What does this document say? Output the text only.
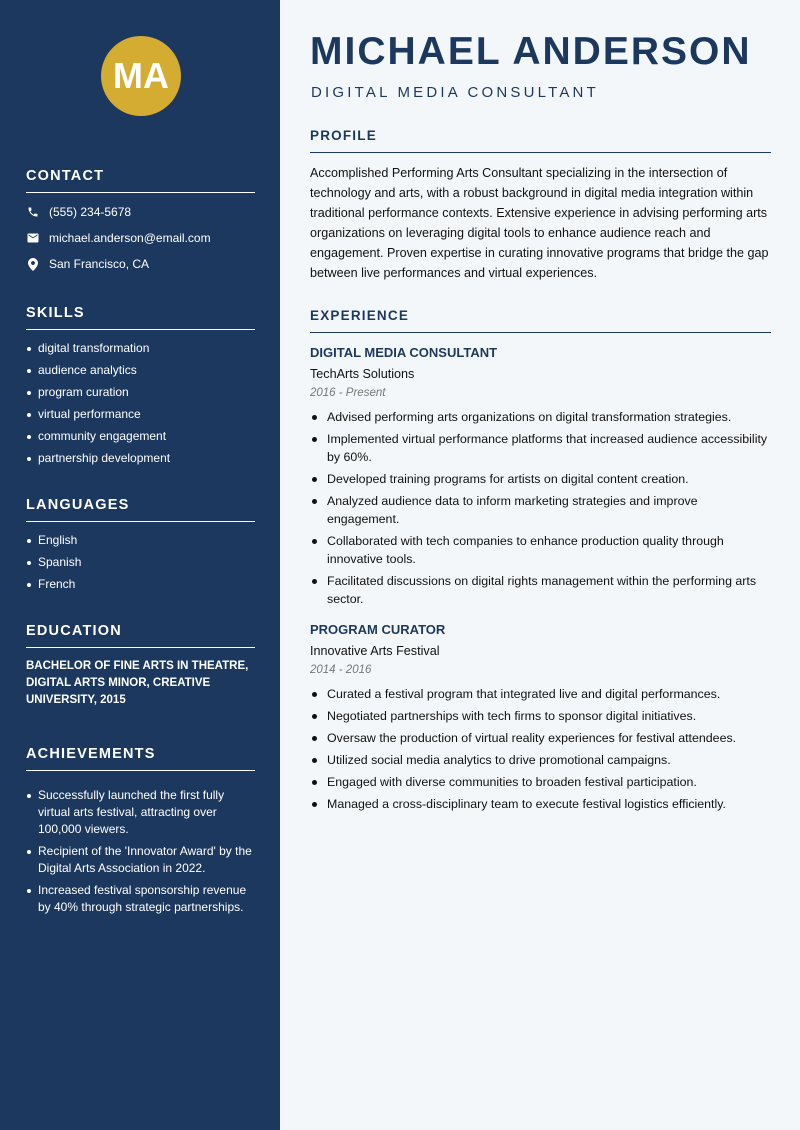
MA
CONTACT
(555) 234-5678
michael.anderson@email.com
San Francisco, CA
SKILLS
digital transformation
audience analytics
program curation
virtual performance
community engagement
partnership development
LANGUAGES
English
Spanish
French
EDUCATION
BACHELOR OF FINE ARTS IN THEATRE, DIGITAL ARTS MINOR, CREATIVE UNIVERSITY, 2015
ACHIEVEMENTS
Successfully launched the first fully virtual arts festival, attracting over 100,000 viewers.
Recipient of the 'Innovator Award' by the Digital Arts Association in 2022.
Increased festival sponsorship revenue by 40% through strategic partnerships.
MICHAEL ANDERSON
DIGITAL MEDIA CONSULTANT
PROFILE
Accomplished Performing Arts Consultant specializing in the intersection of technology and arts, with a robust background in digital media integration within traditional performance contexts. Extensive experience in advising performing arts organizations on leveraging digital tools to enhance audience reach and engagement. Proven expertise in curating innovative programs that bridge the gap between live performances and virtual experiences.
EXPERIENCE
DIGITAL MEDIA CONSULTANT
TechArts Solutions
2016 - Present
Advised performing arts organizations on digital transformation strategies.
Implemented virtual performance platforms that increased audience accessibility by 60%.
Developed training programs for artists on digital content creation.
Analyzed audience data to inform marketing strategies and improve engagement.
Collaborated with tech companies to enhance production quality through innovative tools.
Facilitated discussions on digital rights management within the performing arts sector.
PROGRAM CURATOR
Innovative Arts Festival
2014 - 2016
Curated a festival program that integrated live and digital performances.
Negotiated partnerships with tech firms to sponsor digital initiatives.
Oversaw the production of virtual reality experiences for festival attendees.
Utilized social media analytics to drive promotional campaigns.
Engaged with diverse communities to broaden festival participation.
Managed a cross-disciplinary team to execute festival logistics efficiently.
